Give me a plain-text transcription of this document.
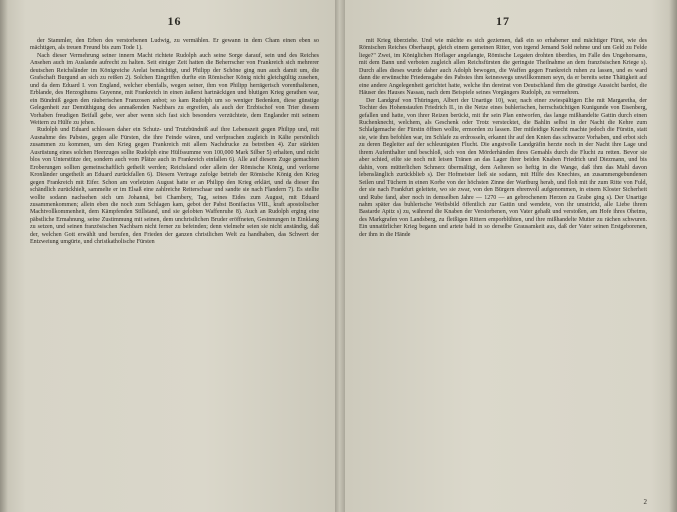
16

der Stammler, den Erben des verstorbenen Ludwig, zu vermählen. Er gewann in dem Cham einen eben so mächtigen, als treuen Freund bis zum Tode 1).

Nach dieser Vermehrung seiner innern Macht richtete Rudolph auch seine Sorge darauf, sein und des Reiches Ansehen auch im Auslande aufrecht zu halten. Seit einiger Zeit hatten die Beherrscher von Frankreich sich mehrerer deutschen Reichsländer im Königreiche Arelat bemächtigt, und Philipp der Schöne ging nun auch damit um, die Grafschaft Burgund an sich zu reißen 2). Solchen Eingriffen durfte ein Römischer König nicht gleichgültig zusehen, und da dem Eduard I. von England, welcher ebenfalls, wegen seiner, ihm von Philipp herrägerisch vorenthaltenen, Erblande, des Herzogthums Guyenne, mit Frankreich in einen äußerst hartnäckigen und blutigen Krieg gerathen war, ein Bündniß gegen den räuberischen Franzosen anbot; so kam Rudolph um so weniger Bedenken, diese günstige Gelegenheit zur Demüthigung des anmaßenden Nachbars zu ergreifen, als auch der Erzbischof von Trier diesem Vorhaben freudigen Beifall gebe, wer aber wenn sich fast sich besonders verzüchtete, dem Englander mit seinem Weitern zu Hülfe zu jehen.

Rudolph und Eduard schlossen daher ein Schutz- und Trutzbündniß auf ihre Lebenszeit gegen Philipp und, mit Ausnahme des Pabstes, gegen alle Fürsten, die ihre Feinde wären, und verfprachen zugleich in Kälte persönlich zusammen zu kommen, um den Krieg gegen Frankreich mit allem Nachdrucke zu betreiben 4). Zur stärkten Ausrüstung eines solchen Heerzuges sollte Rudolph eine Hülfssumme von 100,000 Mark Silber 5) erhalten, und nicht blos von Unterstütze der, sondern auch vom Plätze auch in Frankreich einfallen 6). Alle auf diesem Zuge gemachten Eroberungen sollten gemeinschaftlich getheilt werden; Reichsland oder allein der Römische König, und verlorne Kronländer ungetheilt an Eduard zurückfallen 6). Diesem Vertrage zufolge betrieb der Römische König den Krieg gegen Frankreich mit Eifer. Schon am vorletzten August hatte er an Philipp den Krieg erklärt, und da dieser ihn schändlich zurückhielt, sammelte er im Elsaß eine zahlreiche Reiterschaar und sandte sie nach Flandern 7). Es stellte wollte sodann nachsehen sich um Johannä, bei Chambery, Tag, seines Eides zum August, mit Eduard zusammenkommen; allein eben die noch zum Schlagen kam, gebot der Pabst Bonifacius VIII., kraft apostolischer Machtvollkommenheit, dem Kämpfenden Stillstand, und sie gelobten Waffenruhe 8). Auch an Rudolph erging eine päbstliche Ermahnung, seine Zustimmung mit seinen, dem unchristlichen Bruder eröffneten, Gesinnungen in Einklang zu setzen, und seinen französischen Nachbarn nicht ferner zu befeinden; denn vielmehr seien sie nicht anständig, daß der, welchen Gott erwählt und berufen, den Frieden der ganzen christlichen Welt zu handhaben, das Schwert der Entzweiung umgürte, und christkatholische Fürsten

17

mit Krieg überziehe. Und wie mächte es sich geziemen, daß ein so erhabener und mächtiger Fürst, wie des Römischen Reiches Oberhaupt, gleich einem gemeinen Ritter, von irgend Jemand Sold nehme und um Geld zu Felde liege?" Zwei, im Königlichen Hoflager angelangte, Römische Legaten drohten überdies, im Falle des Ungehorsams, mit dem Bann und verboten zugleich allen Reichsfürsten die geringste Theilnahme an dem französischen Kriege s). Durch alles dieses wurde daher auch Adolph bewogen, die Waffen gegen Frankreich ruhen zu lassen, und es ward dann die erwünschte Friedensgabe des Pabstes ihm keineswegs unwillkommen seyn, da er bereits seine Thätigkeit auf eine andere Angelegenheit gerichtet hatte, welche ihn dereinst von Deutschland ihm die günstige Aussicht bardot, die Häuser des Hauses Nassau, nach dem Beispiele seines Vorgängers Rudolph, zu vermehren.

Der Landgraf von Thüringen, Albert der Unartige 10), war, nach einer zwiespältigen Ehe mit Margaretha, der Tochter des Hohenstaufen Friedrich II., in die Netze eines buhlerischen, herrschsüchtigen Kunigunde von Eisenberg, gefallen und hatte, von ihrer Reizen berückt, mit ihr sein Plan entworfen, das lange mißhandelte Gattin durch einen Ruchenknecht, welchem, als Geschenk oder Trotz verstecktet, die Bahlin selbst in der Nacht die Kehre zum Schlafgemache der Fürstin öffnen wollte, ermorden zu lassen. Der mitleidige Knecht machte jedoch die Fürstin, statt sie, wie ihm befohlen war, im Schlafe zu erdrosseln, erkannt ihr auf den Knien das schwarze Vorhaben, und erbot sich zu deren Begleiter auf der schleunigsten Flucht. Die angstvolle Landgräfin herzte noch in der Nacht ihre Lage und ihrem Aufenthalter und beschloß, sich von den Mörderhänden ihres Gemahls durch die Flucht zu retten. Bevor sie aber schied, eilte sie noch mit leisen Tränen an das Lager ihrer beiden Knaben Friedrich und Diezmann, und bis dahin, vom mütterlichen Schmerz übermältigt, dem Aelteren so heftig in die Wange, daß ihm das Mahl davon lebenslänglich zurückblieb s). Der Hofmeister ließ sie sodann, mit Hilfe des Knechtes, an zusammengebundenen Seilen und Tüchern in einen Korbe von der höchsten Zinne der Wartburg herab, und floh mit ihr zum Ritte von Fuld, der sie nach Frankfurt geleitete, wo sie zwar, von den Bürgern ehrenvoll aufgenommen, in einem Kloster Sicherheit und Rube fand, aber noch in demselben Jahre — 1270 — an gebrochenem Herzen zu Grabe ging s). Der Unartige nahm später das buhlerische Weibsbild öffentlich zur Gattin und wendete, von ihr umstrickt, alle Liebe ihrem Bastarde Apitz s) zu, während die Knaben der Verstorbenen, von Vater gehaßt und verstoßen, am Hofe ihres Oheims, des Markgrafen von Landsberg, zu fleißigen Rittern emporblühten, und ihre mißhandelte Mutter zu rächen schwuren. Ein unnatürlicher Krieg begann und artete bald in so derselbe Grausamkeit aus, daß der Vater seinen Erstgeborenen, der ihm in die Hände

2
